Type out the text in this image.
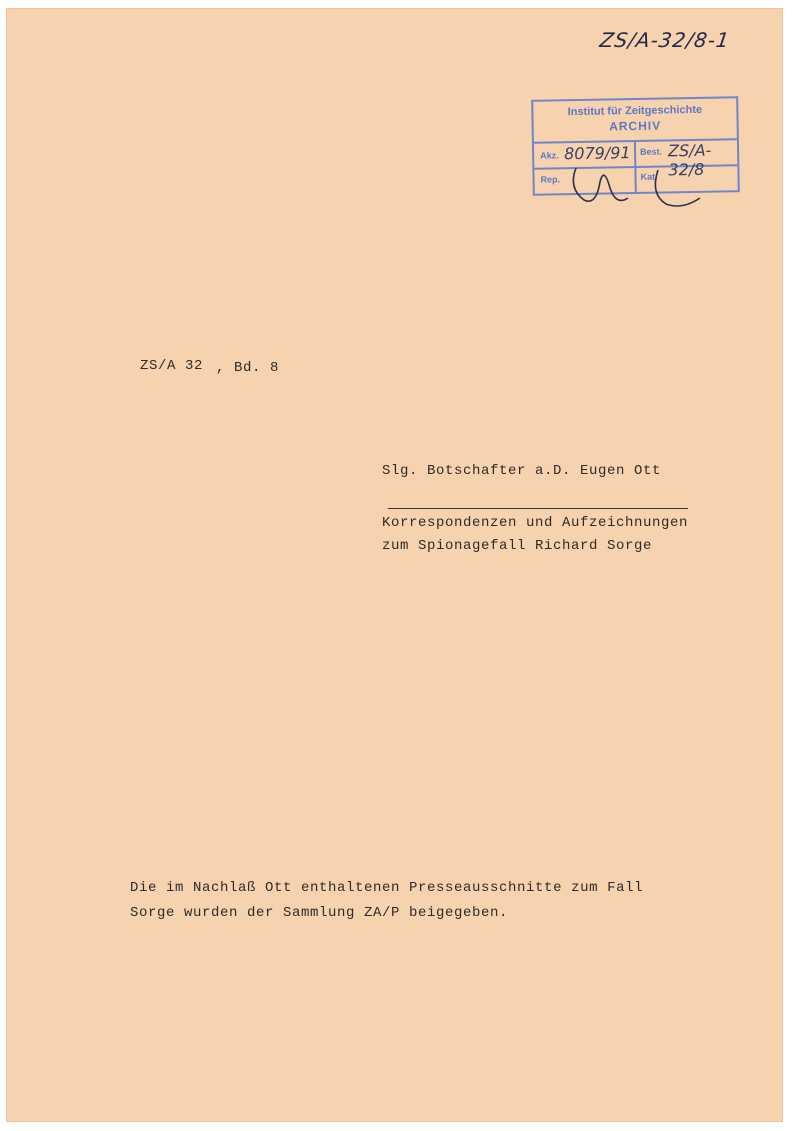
ZS/A-32/8-1
Institut für Zeitgeschichte
ARCHIV
Akz. 8079/91 Best. ZS/A-32/8
Rep.	Kat.
ZS/A 32 , Bd. 8
Slg. Botschafter a.D. Eugen Ott
Korrespondenzen und Aufzeichnungen
zum Spionagefall Richard Sorge
Die im Nachlaß Ott enthaltenen Presseausschnitte zum Fall
Sorge wurden der Sammlung ZA/P beigegeben.
